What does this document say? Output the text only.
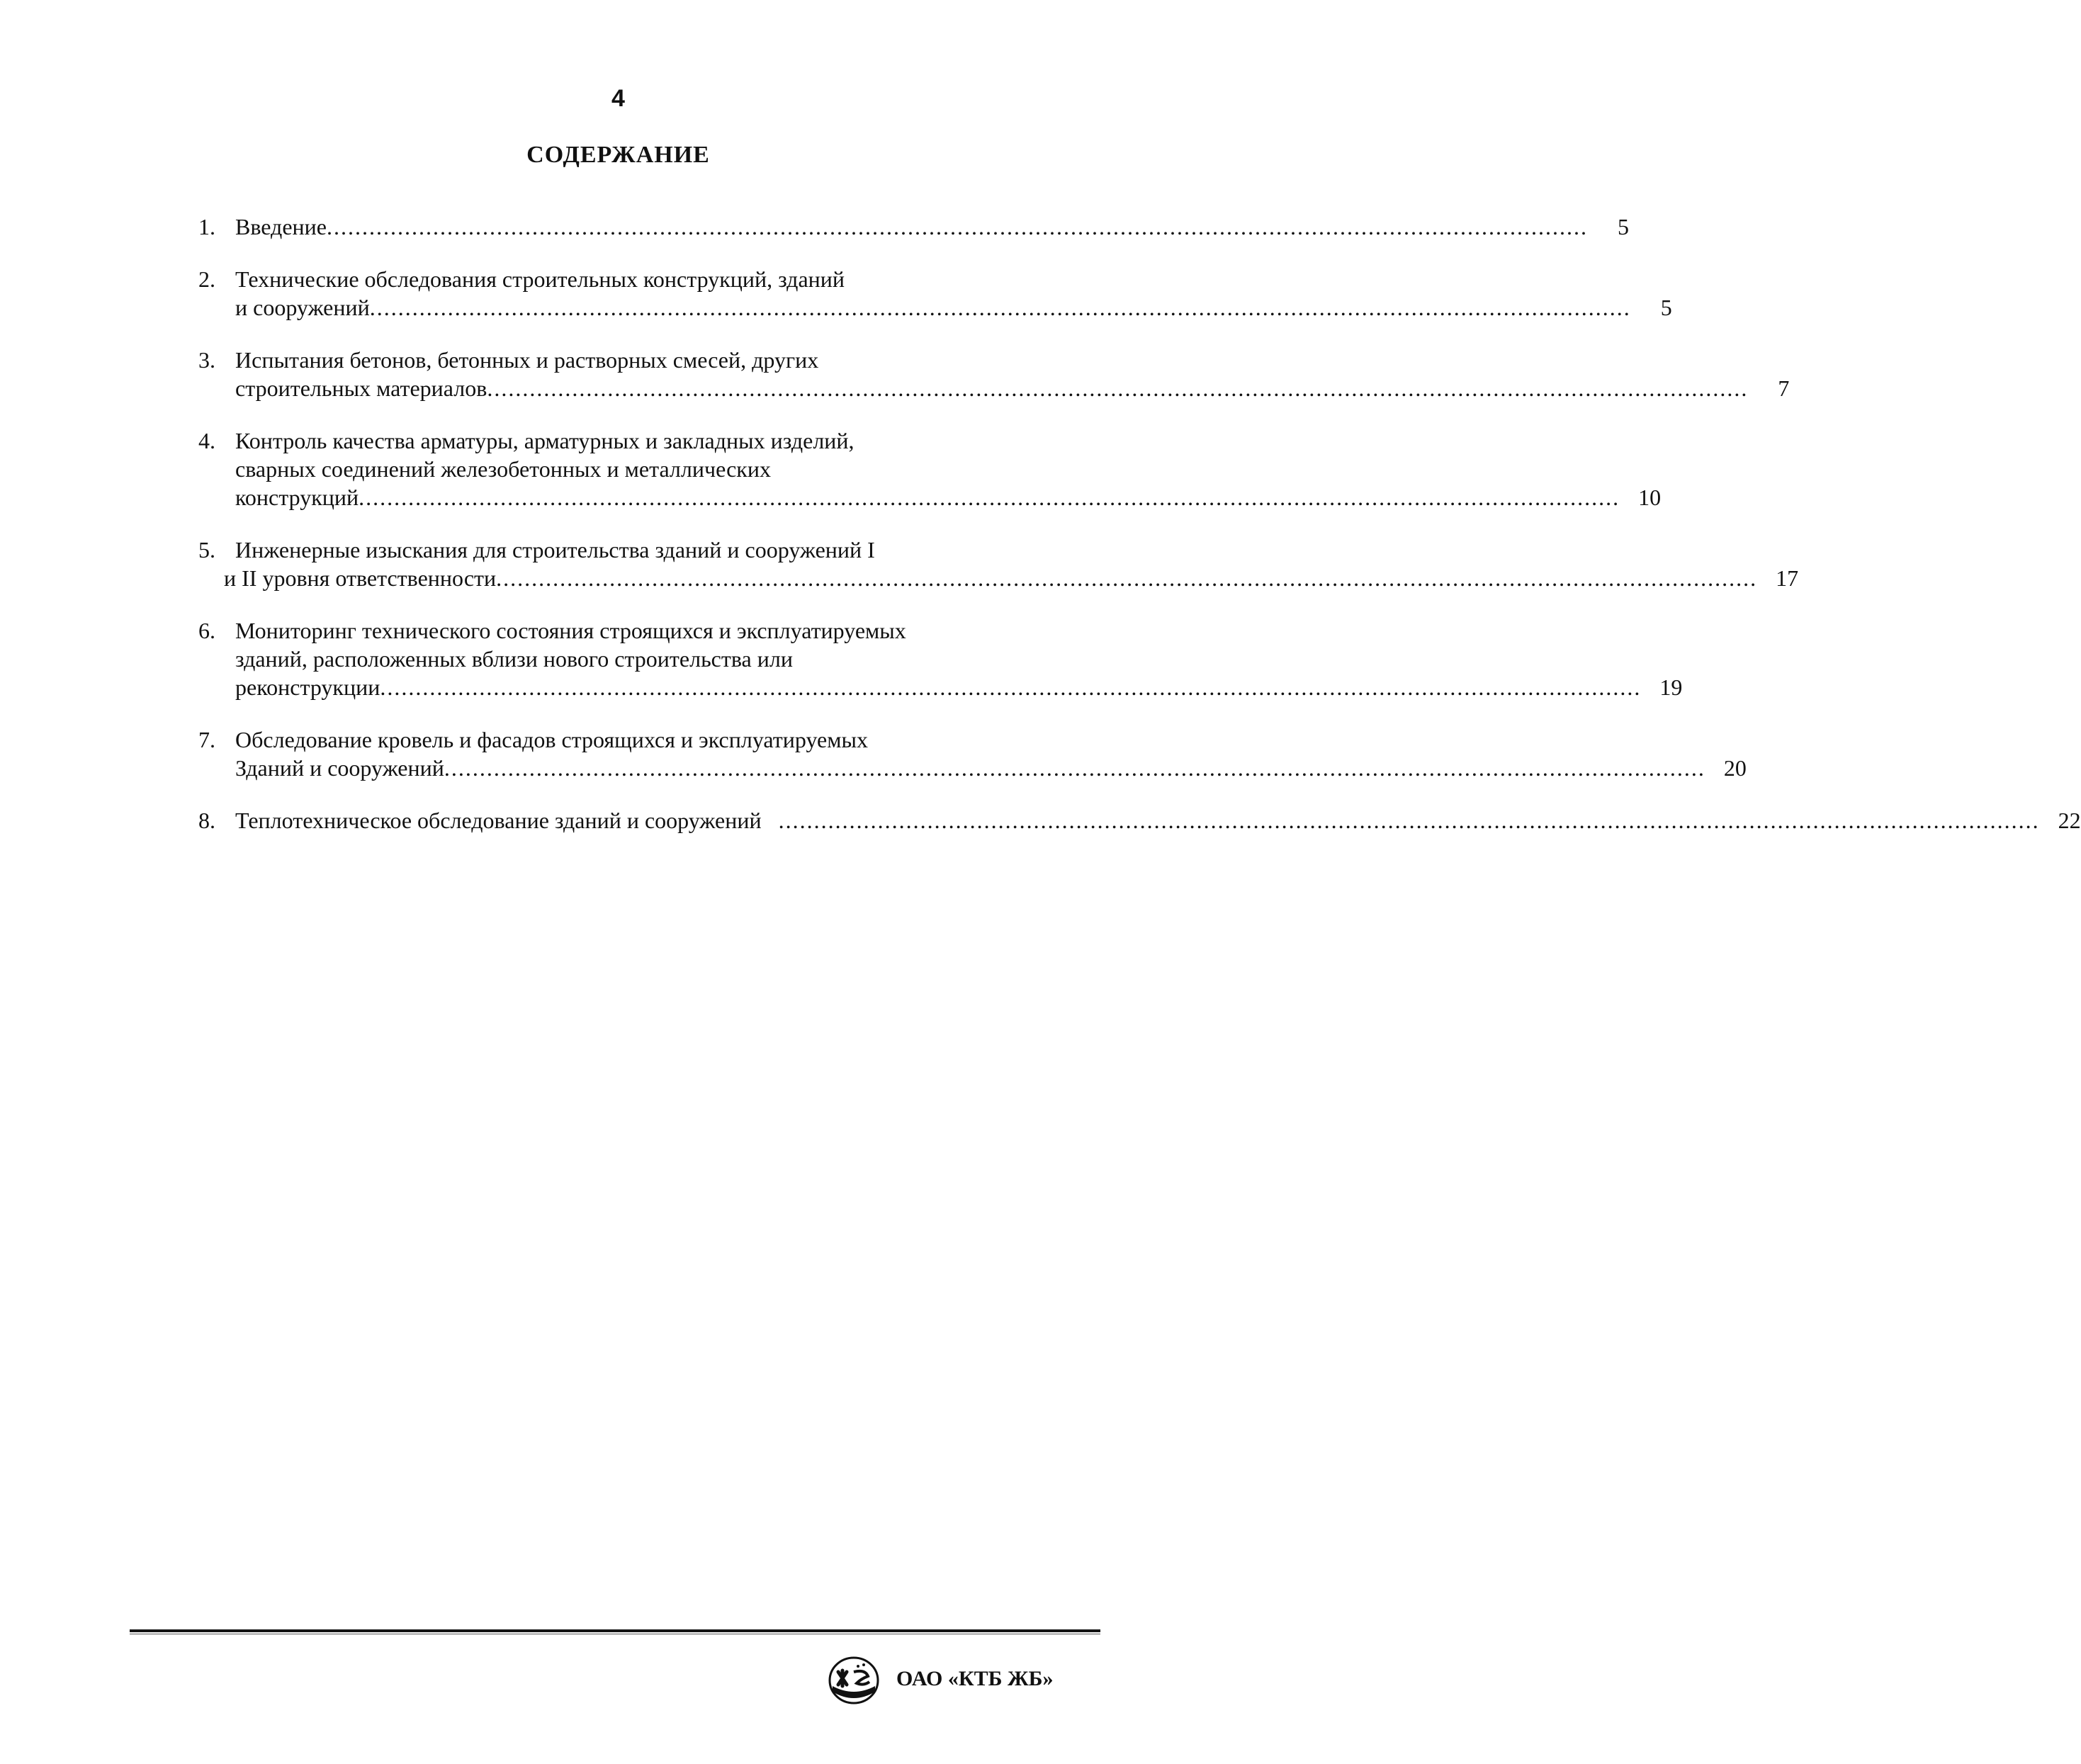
4
СОДЕРЖАНИЕ
1. Введение ..................................................................................................................................................................................	5
2. Технические обследования строительных конструкций, зданий
и сооружений ..................................................................................................................................................................................	5
3. Испытания бетонов, бетонных и растворных смесей, других
строительных материалов ..................................................................................................................................................................................	7
4. Контроль качества арматуры, арматурных и закладных изделий,
сварных соединений железобетонных и металлических
конструкций .................................................................................................................................................................................. 10
5. Инженерные изыскания для строительства зданий и сооружений I
и II уровня ответственности .................................................................................................................................................................................. 17
6. Мониторинг технического состояния строящихся и эксплуатируемых
зданий, расположенных вблизи нового строительства или
реконструкции .................................................................................................................................................................................. 19
7. Обследование кровель и фасадов строящихся и эксплуатируемых
Зданий и сооружений .................................................................................................................................................................................. 20
8. Теплотехническое обследование зданий и сооружений .................................................................................................................................................................................. 22
ОАО «КТБ ЖБ»
